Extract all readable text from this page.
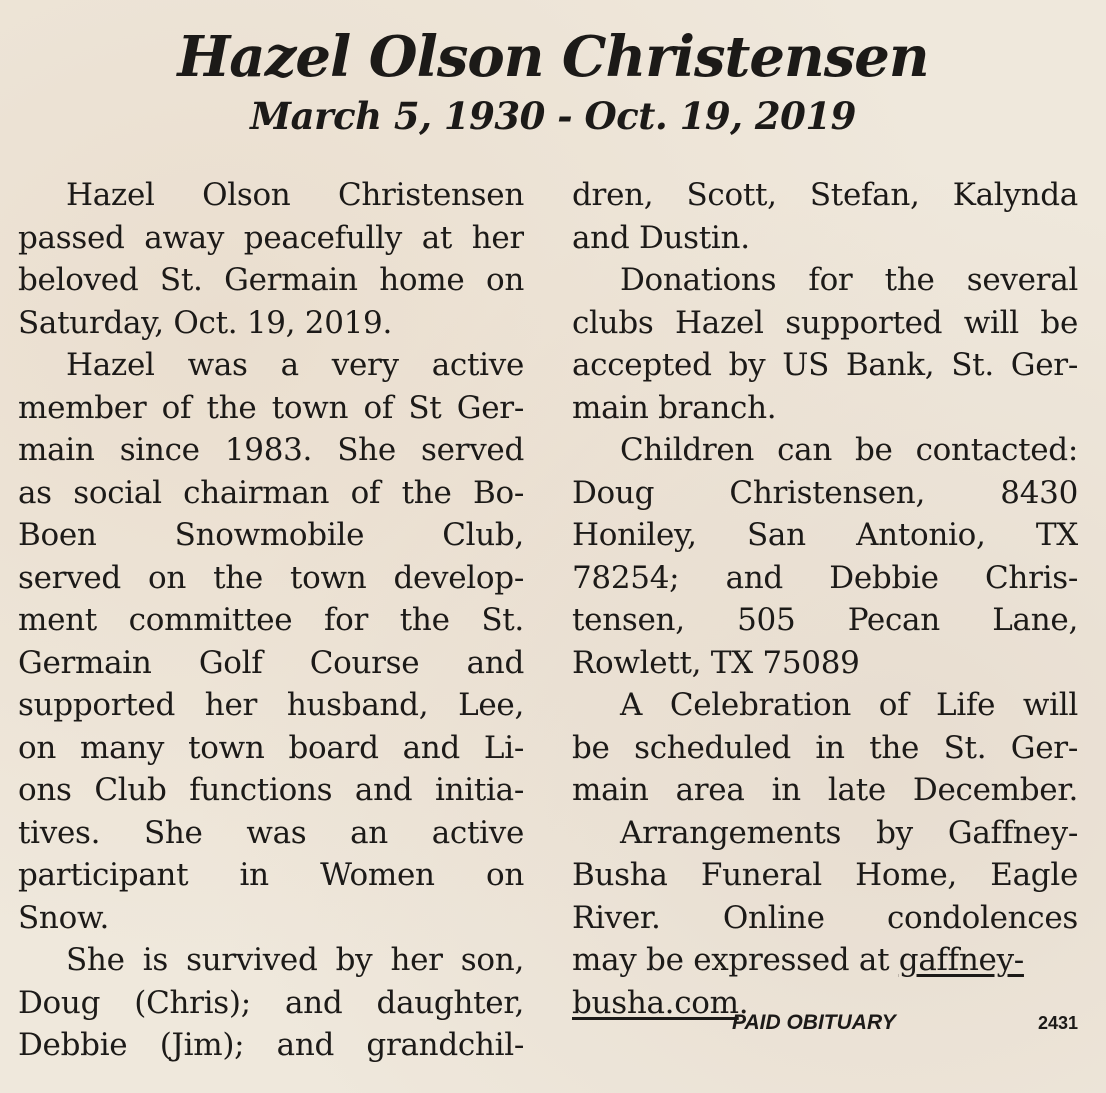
Hazel Olson Christensen
March 5, 1930 - Oct. 19, 2019
Hazel Olson Christensen
passed away peacefully at her
beloved St. Germain home on
Saturday, Oct. 19, 2019.
Hazel was a very active
member of the town of St Ger-
main since 1983. She served
as social chairman of the Bo-
Boen Snowmobile Club,
served on the town develop-
ment committee for the St.
Germain Golf Course and
supported her husband, Lee,
on many town board and Li-
ons Club functions and initia-
tives. She was an active
participant in Women on
Snow.
She is survived by her son,
Doug (Chris); and daughter,
Debbie (Jim); and grandchil-
dren, Scott, Stefan, Kalynda
and Dustin.
Donations for the several
clubs Hazel supported will be
accepted by US Bank, St. Ger-
main branch.
Children can be contacted:
Doug Christensen, 8430
Honiley, San Antonio, TX
78254; and Debbie Chris-
tensen, 505 Pecan Lane,
Rowlett, TX 75089
A Celebration of Life will
be scheduled in the St. Ger-
main area in late December.
Arrangements by Gaffney-
Busha Funeral Home, Eagle
River. Online condolences
may be expressed at gaffney-
busha.com.
PAID OBITUARY	2431
